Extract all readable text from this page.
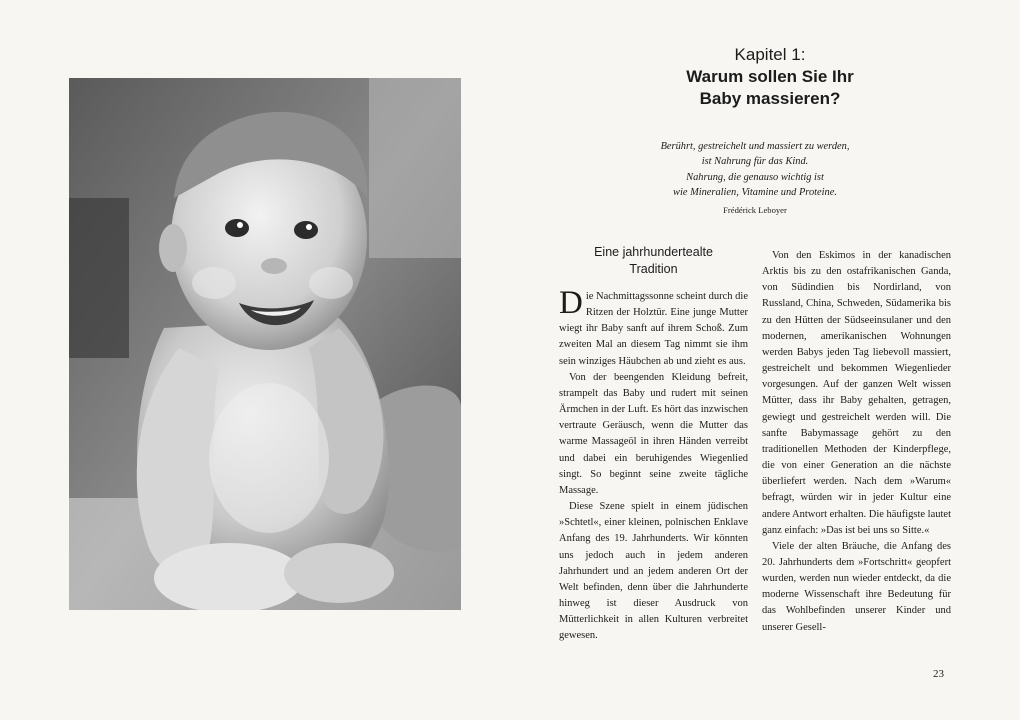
Kapitel 1:
Warum sollen Sie Ihr
Baby massieren?
Berührt, gestreichelt und massiert zu werden,
ist Nahrung für das Kind.
Nahrung, die genauso wichtig ist
wie Mineralien, Vitamine und Proteine.
Frédérick Leboyer
Eine jahrhundertealte
Tradition

Die Nachmittagssonne scheint durch die Ritzen der Holztür. Eine junge Mutter wiegt ihr Baby sanft auf ihrem Schoß. Zum zweiten Mal an diesem Tag nimmt sie ihm sein winziges Häubchen ab und zieht es aus.

Von der beengenden Kleidung befreit, strampelt das Baby und rudert mit seinen Ärmchen in der Luft. Es hört das inzwischen vertraute Geräusch, wenn die Mutter das warme Massageöl in ihren Händen verreibt und dabei ein beruhigendes Wiegenlied singt. So beginnt seine zweite tägliche Massage.

Diese Szene spielt in einem jüdischen »Schtetl«, einer kleinen, polnischen Enklave Anfang des 19. Jahrhunderts. Wir könnten uns jedoch auch in jedem anderen Jahrhundert und an jedem anderen Ort der Welt befinden, denn über die Jahrhunderte hinweg ist dieser Ausdruck von Mütterlichkeit in allen Kulturen verbreitet gewesen.

Von den Eskimos in der kanadischen Arktis bis zu den ostafrikanischen Ganda, von Südindien bis Nordirland, von Russland, China, Schweden, Südamerika bis zu den Hütten der Südseeinsulaner und den modernen, amerikanischen Wohnungen werden Babys jeden Tag liebevoll massiert, gestreichelt und bekommen Wiegenlieder vorgesungen. Auf der ganzen Welt wissen Mütter, dass ihr Baby gehalten, getragen, gewiegt und gestreichelt werden will. Die sanfte Babymassage gehört zu den traditionellen Methoden der Kinderpflege, die von einer Generation an die nächste überliefert werden. Nach dem »Warum« befragt, würden wir in jeder Kultur eine andere Antwort erhalten. Die häufigste lautet ganz einfach: »Das ist bei uns so Sitte.«

Viele der alten Bräuche, die Anfang des 20. Jahrhunderts dem »Fortschritt« geopfert wurden, werden nun wieder entdeckt, da die moderne Wissenschaft ihre Bedeutung für das Wohlbefinden unserer Kinder und unserer Gesell-

23
